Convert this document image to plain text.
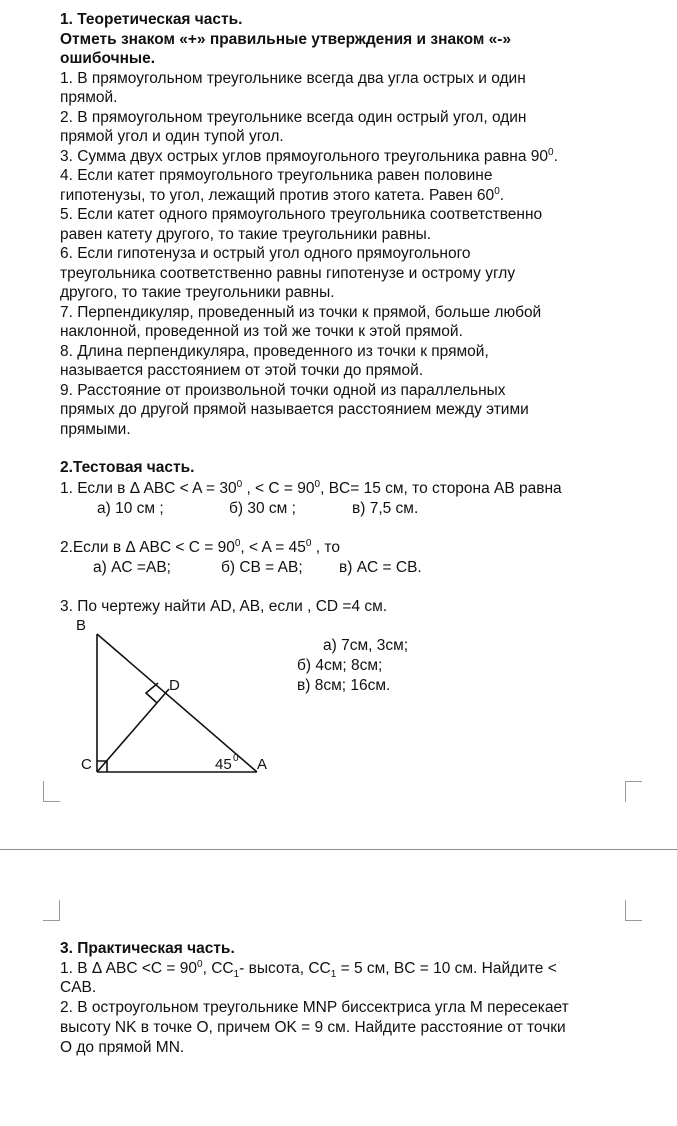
1. Теоретическая часть.
Отметь знаком «+» правильные утверждения и знаком «-»
ошибочные.
1. В прямоугольном треугольнике всегда два угла острых и один
прямой.
2. В прямоугольном треугольнике всегда один острый угол, один
прямой угол и один тупой угол.
3. Сумма двух острых углов прямоугольного треугольника равна $90^0$.
4. Если катет прямоугольного треугольника равен половине
гипотенузы, то угол, лежащий против этого катета. Равен $60^0$.
5. Если катет одного прямоугольного треугольника соответственно
равен катету другого, то такие треугольники равны.
6. Если гипотенуза и острый угол одного прямоугольного
треугольника соответственно равны гипотенузе и острому углу
другого, то такие треугольники равны.
7. Перпендикуляр, проведенный из точки к прямой, больше любой
наклонной, проведенной из той же точки к этой прямой.
8. Длина перпендикуляра, проведенного из точки к прямой,
называется расстоянием от этой точки до прямой.
9. Расстояние от произвольной точки одной из параллельных
прямых до другой прямой называется расстоянием между этими
прямыми.
2.Тестовая часть.
1. Если в Δ ABC < $A = 30^0$ , < $C = 90^0$, BC= 15 см, то сторона AB равна
а) 10 см ;	б) 30 см ;	в) 7,5 см.
2.Если в Δ ABC < $C = 90^0$, < $A = 45^0$ , то
а) AC =AB;	б) CB = AB; в) AC = CB.
3. По чертежу найти AD, AB, если , CD =4 см.
а) 7см, 3см;
б) 4см; 8см;
в) 8см; 16см.
B
D
C	A
45 0
3. Практическая часть.
1. В Δ ABC $<C = 90^0$, $CC_1-$ высота, $CC_1 = 5$ см, BC = 10 см. Найдите <
CAB.
2. В остроугольном треугольнике MNP биссектриса угла M пересекает
высоту NK в точке O, причем OK = 9 см. Найдите расстояние от точки
O до прямой MN.
